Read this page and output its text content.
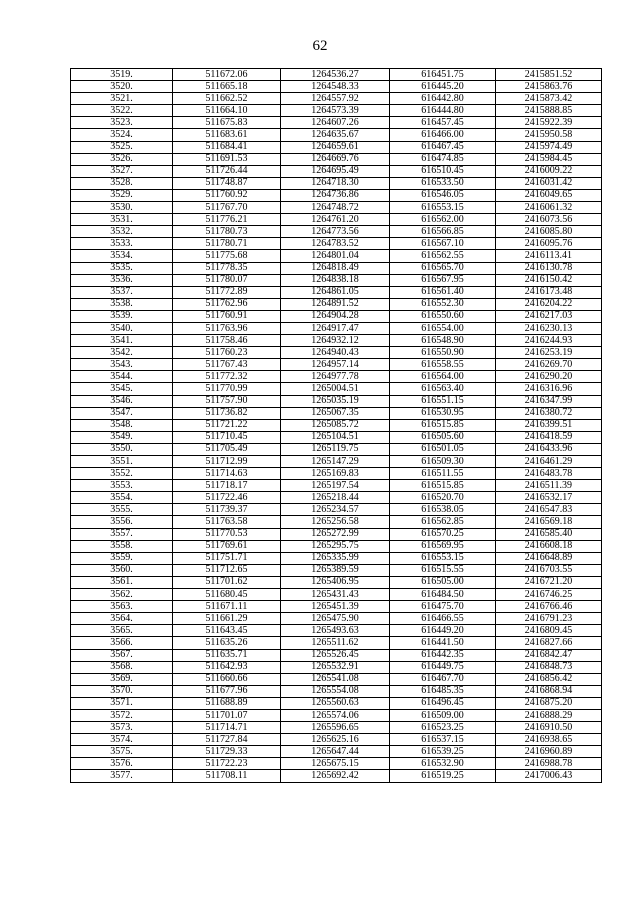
62
3519.	511672.06	1264536.27	616451.75	2415851.52
3520.	511665.18	1264548.33	616445.20	2415863.76
3521.	511662.52	1264557.92	616442.80	2415873.42
3522.	511664.10	1264573.39	616444.80	2415888.85
3523.	511675.83	1264607.26	616457.45	2415922.39
3524.	511683.61	1264635.67	616466.00	2415950.58
3525.	511684.41	1264659.61	616467.45	2415974.49
3526.	511691.53	1264669.76	616474.85	2415984.45
3527.	511726.44	1264695.49	616510.45	2416009.22
3528.	511748.87	1264718.30	616533.50	2416031.42
3529.	511760.92	1264736.86	616546.05	2416049.65
3530.	511767.70	1264748.72	616553.15	2416061.32
3531.	511776.21	1264761.20	616562.00	2416073.56
3532.	511780.73	1264773.56	616566.85	2416085.80
3533.	511780.71	1264783.52	616567.10	2416095.76
3534.	511775.68	1264801.04	616562.55	2416113.41
3535.	511778.35	1264818.49	616565.70	2416130.78
3536.	511780.07	1264838.18	616567.95	2416150.42
3537.	511772.89	1264861.05	616561.40	2416173.48
3538.	511762.96	1264891.52	616552.30	2416204.22
3539.	511760.91	1264904.28	616550.60	2416217.03
3540.	511763.96	1264917.47	616554.00	2416230.13
3541.	511758.46	1264932.12	616548.90	2416244.93
3542.	511760.23	1264940.43	616550.90	2416253.19
3543.	511767.43	1264957.14	616558.55	2416269.70
3544.	511772.32	1264977.78	616564.00	2416290.20
3545.	511770.99	1265004.51	616563.40	2416316.96
3546.	511757.90	1265035.19	616551.15	2416347.99
3547.	511736.82	1265067.35	616530.95	2416380.72
3548.	511721.22	1265085.72	616515.85	2416399.51
3549.	511710.45	1265104.51	616505.60	2416418.59
3550.	511705.49	1265119.75	616501.05	2416433.96
3551.	511712.99	1265147.29	616509.30	2416461.29
3552.	511714.63	1265169.83	616511.55	2416483.78
3553.	511718.17	1265197.54	616515.85	2416511.39
3554.	511722.46	1265218.44	616520.70	2416532.17
3555.	511739.37	1265234.57	616538.05	2416547.83
3556.	511763.58	1265256.58	616562.85	2416569.18
3557.	511770.53	1265272.99	616570.25	2416585.40
3558.	511769.61	1265295.75	616569.95	2416608.18
3559.	511751.71	1265335.99	616553.15	2416648.89
3560.	511712.65	1265389.59	616515.55	2416703.55
3561.	511701.62	1265406.95	616505.00	2416721.20
3562.	511680.45	1265431.43	616484.50	2416746.25
3563.	511671.11	1265451.39	616475.70	2416766.46
3564.	511661.29	1265475.90	616466.55	2416791.23
3565.	511643.45	1265493.63	616449.20	2416809.45
3566.	511635.26	1265511.62	616441.50	2416827.66
3567.	511635.71	1265526.45	616442.35	2416842.47
3568.	511642.93	1265532.91	616449.75	2416848.73
3569.	511660.66	1265541.08	616467.70	2416856.42
3570.	511677.96	1265554.08	616485.35	2416868.94
3571.	511688.89	1265560.63	616496.45	2416875.20
3572.	511701.07	1265574.06	616509.00	2416888.29
3573.	511714.71	1265596.65	616523.25	2416910.50
3574.	511727.84	1265625.16	616537.15	2416938.65
3575.	511729.33	1265647.44	616539.25	2416960.89
3576.	511722.23	1265675.15	616532.90	2416988.78
3577.	511708.11	1265692.42	616519.25	2417006.43
